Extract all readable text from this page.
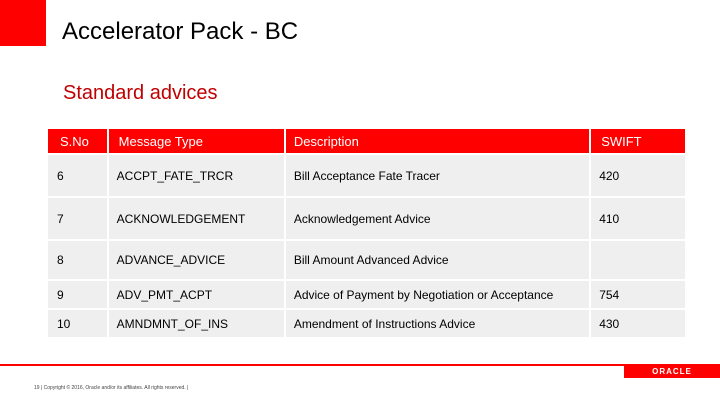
Accelerator Pack - BC
Standard advices
S.No	Message Type	Description	SWIFT
6	ACCPT_FATE_TRCR	Bill Acceptance Fate Tracer	420
7	ACKNOWLEDGEMENT	Acknowledgement Advice	410
8	ADVANCE_ADVICE	Bill Amount Advanced Advice	
9	ADV_PMT_ACPT	Advice of Payment by Negotiation or Acceptance	754
10	AMNDMNT_OF_INS	Amendment of Instructions Advice	430
ORACLE
19 | Copyright © 2016, Oracle and/or its affiliates. All rights reserved. |
